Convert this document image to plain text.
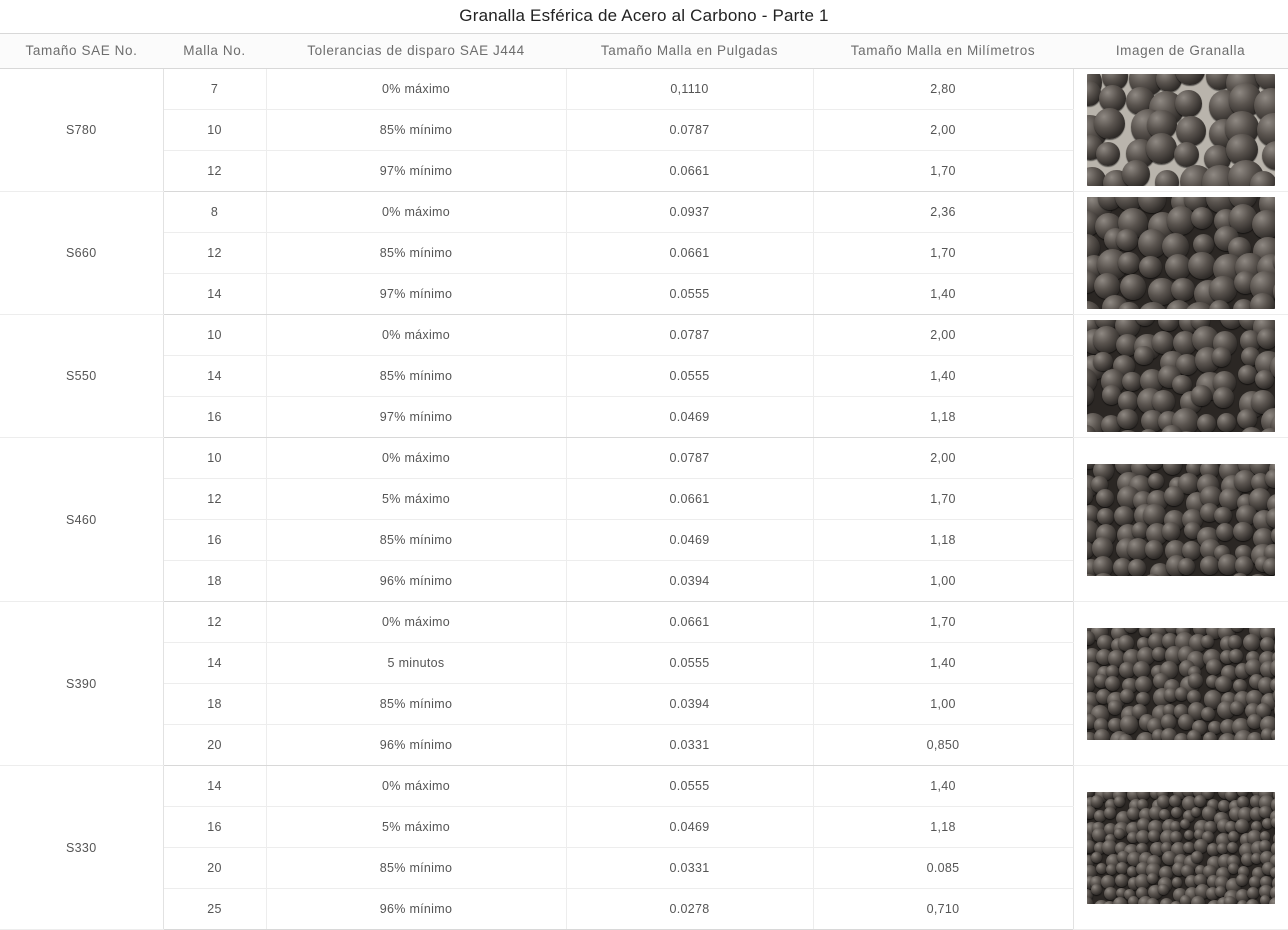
Granalla Esférica de Acero al Carbono - Parte 1
Tamaño SAE No.	Malla No.	Tolerancias de disparo SAE J444	Tamaño Malla en Pulgadas	Tamaño Malla en Milímetros	Imagen de Granalla
S780	7	0% máximo	0,1110	2,80	

	10	85% mínimo	0.0787	2,00	
	12	97% mínimo	0.0661	1,70	
S660	8	0% máximo	0.0937	2,36	

	12	85% mínimo	0.0661	1,70	
	14	97% mínimo	0.0555	1,40	
S550	10	0% máximo	0.0787	2,00	

	14	85% mínimo	0.0555	1,40	
	16	97% mínimo	0.0469	1,18	
S460	10	0% máximo	0.0787	2,00	

	12	5% máximo	0.0661	1,70	
	16	85% mínimo	0.0469	1,18	
	18	96% mínimo	0.0394	1,00	
S390	12	0% máximo	0.0661	1,70	

	14	5 minutos	0.0555	1,40	
	18	85% mínimo	0.0394	1,00	
	20	96% mínimo	0.0331	0,850	
S330	14	0% máximo	0.0555	1,40	

	16	5% máximo	0.0469	1,18	
	20	85% mínimo	0.0331	0.085	
	25	96% mínimo	0.0278	0,710	
